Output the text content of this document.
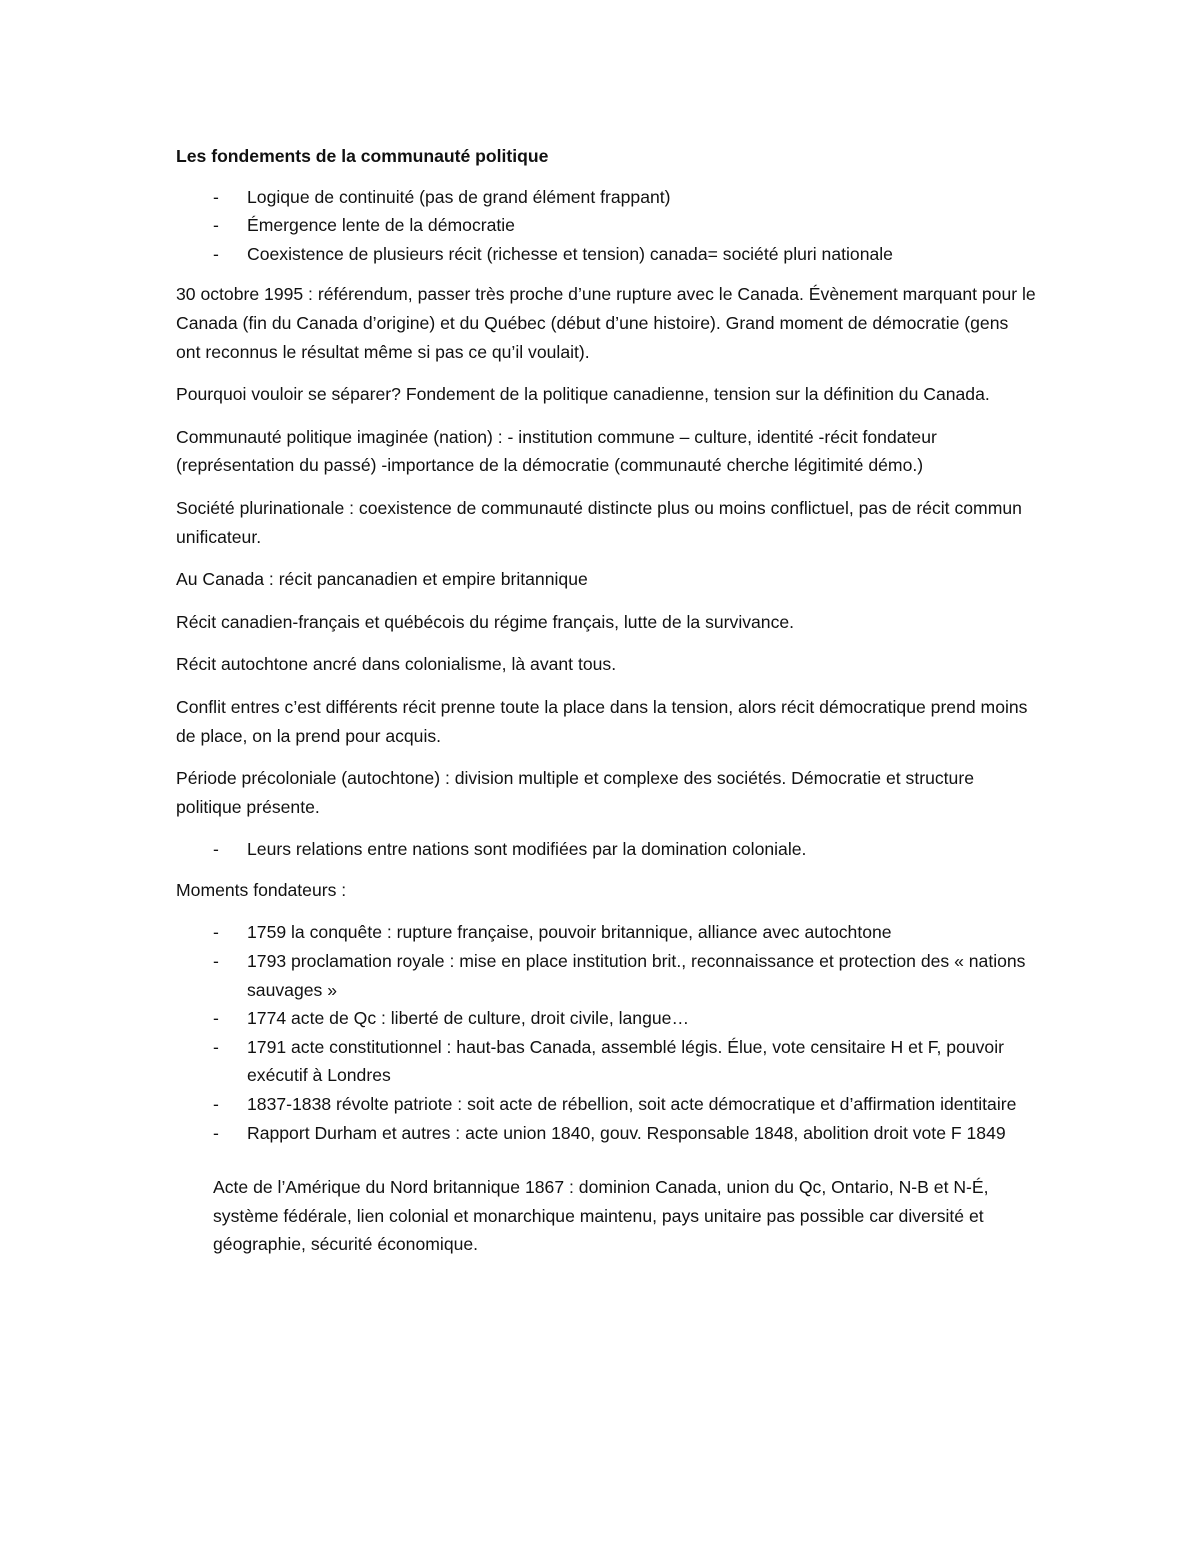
Les fondements de la communauté politique

- Logique de continuité (pas de grand élément frappant)
- Émergence lente de la démocratie
- Coexistence de plusieurs récit (richesse et tension) canada= société pluri nationale

30 octobre 1995 : référendum, passer très proche d’une rupture avec le Canada. Évènement marquant pour le Canada (fin du Canada d’origine) et du Québec (début d’une histoire). Grand moment de démocratie (gens ont reconnus le résultat même si pas ce qu’il voulait).

Pourquoi vouloir se séparer? Fondement de la politique canadienne, tension sur la définition du Canada.

Communauté politique imaginée (nation) : - institution commune – culture, identité -récit fondateur (représentation du passé) -importance de la démocratie (communauté cherche légitimité démo.)

Société plurinationale : coexistence de communauté distincte plus ou moins conflictuel, pas de récit commun unificateur.

Au Canada : récit pancanadien et empire britannique

Récit canadien-français et québécois du régime français, lutte de la survivance.

Récit autochtone ancré dans colonialisme, là avant tous.

Conflit entres c’est différents récit prenne toute la place dans la tension, alors récit démocratique prend moins de place, on la prend pour acquis.

Période précoloniale (autochtone) : division multiple et complexe des sociétés. Démocratie et structure politique présente.

- Leurs relations entre nations sont modifiées par la domination coloniale.

Moments fondateurs :

- 1759 la conquête : rupture française, pouvoir britannique, alliance avec autochtone
- 1793 proclamation royale : mise en place institution brit., reconnaissance et protection des « nations sauvages »
- 1774 acte de Qc : liberté de culture, droit civile, langue…
- 1791 acte constitutionnel : haut-bas Canada, assemblé légis. Élue, vote censitaire H et F, pouvoir exécutif à Londres
- 1837-1838 révolte patriote : soit acte de rébellion, soit acte démocratique et d’affirmation identitaire
- Rapport Durham et autres : acte union 1840, gouv. Responsable 1848, abolition droit vote F 1849

Acte de l’Amérique du Nord britannique 1867 : dominion Canada, union du Qc, Ontario, N-B et N-É, système fédérale, lien colonial et monarchique maintenu, pays unitaire pas possible car diversité et géographie, sécurité économique.
